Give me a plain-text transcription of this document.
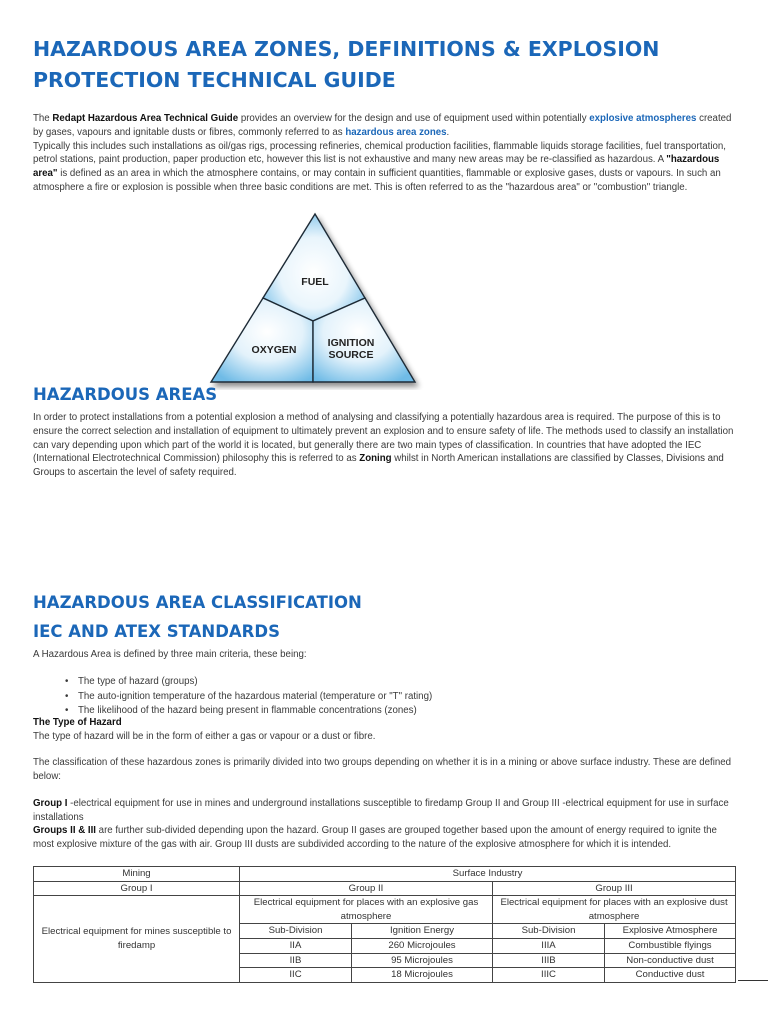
HAZARDOUS AREA ZONES, DEFINITIONS & EXPLOSION PROTECTION TECHNICAL GUIDE

The Redapt Hazardous Area Technical Guide provides an overview for the design and use of equipment used within potentially explosive atmospheres created by gases, vapours and ignitable dusts or fibres, commonly referred to as hazardous area zones.
Typically this includes such installations as oil/gas rigs, processing refineries, chemical production facilities, flammable liquids storage facilities, fuel transportation, petrol stations, paint production, paper production etc, however this list is not exhaustive and many new areas may be re-classified as hazardous. A "hazardous area" is defined as an area in which the atmosphere contains, or may contain in sufficient quantities, flammable or explosive gases, dusts or vapours. In such an atmosphere a fire or explosion is possible when three basic conditions are met. This is often referred to as the "hazardous area" or "combustion" triangle.

FUEL
OXYGEN
IGNITION
SOURCE
HAZARDOUS AREAS

In order to protect installations from a potential explosion a method of analysing and classifying a potentially hazardous area is required. The purpose of this is to ensure the correct selection and installation of equipment to ultimately prevent an explosion and to ensure safety of life. The methods used to classify an installation can vary depending upon which part of the world it is located, but generally there are two main types of classification. In countries that have adopted the IEC (International Electrotechnical Commission) philosophy this is referred to as Zoning whilst in North American installations are classified by Classes, Divisions and Groups to ascertain the level of safety required.

HAZARDOUS AREA CLASSIFICATION
IEC AND ATEX STANDARDS

A Hazardous Area is defined by three main criteria, these being:

• The type of hazard (groups)
• The auto-ignition temperature of the hazardous material (temperature or "T" rating)
• The likelihood of the hazard being present in flammable concentrations (zones)

The Type of Hazard

The type of hazard will be in the form of either a gas or vapour or a dust or fibre.

The classification of these hazardous zones is primarily divided into two groups depending on whether it is in a mining or above surface industry. These are defined below:

Group I -electrical equipment for use in mines and underground installations susceptible to firedamp Group II and Group III -electrical equipment for use in surface installations

Groups II & III are further sub-divided depending upon the hazard. Group II gases are grouped together based upon the amount of energy required to ignite the most explosive mixture of the gas with air. Group III dusts are subdivided according to the nature of the explosive atmosphere for which it is intended.

Mining	Surface Industry			
Group I	Group II		Group III	
Electrical equipment for mines susceptible to firedamp	Electrical equipment for places with an explosive gas atmosphere		Electrical equipment for places with an explosive dust atmosphere	
	Sub-Division	Ignition Energy	Sub-Division	Explosive Atmosphere
	IIA	260 Microjoules	IIIA	Combustible flyings
	IIB	95 Microjoules	IIIB	Non-conductive dust
	IIC	18 Microjoules	IIIC	Conductive dust
